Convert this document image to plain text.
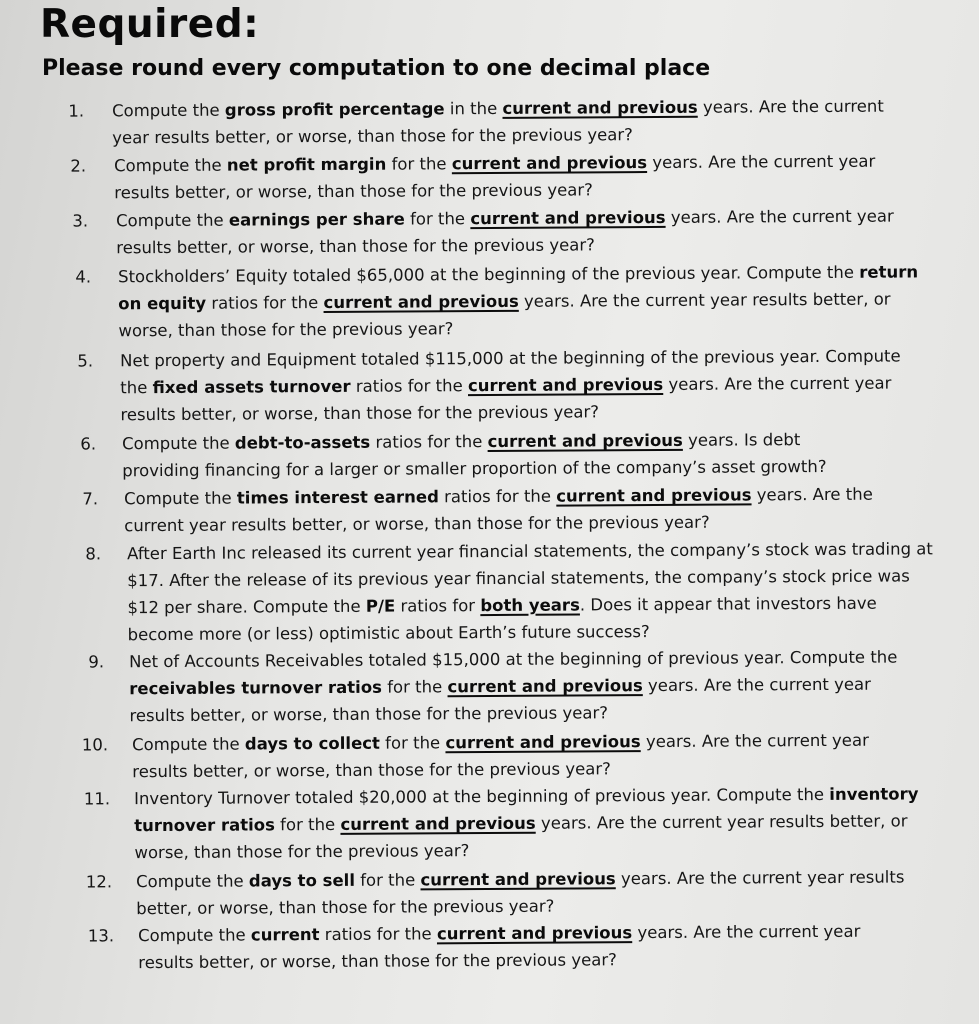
Required:
Please round every computation to one decimal place
1. Compute the gross profit percentage in the current and previous years. Are the current year results better, or worse, than those for the previous year?
2. Compute the net profit margin for the current and previous years. Are the current year results better, or worse, than those for the previous year?
3. Compute the earnings per share for the current and previous years. Are the current year results better, or worse, than those for the previous year?
4. Stockholders’ Equity totaled $65,000 at the beginning of the previous year. Compute the return on equity ratios for the current and previous years. Are the current year results better, or worse, than those for the previous year?
5. Net property and Equipment totaled $115,000 at the beginning of the previous year. Compute the fixed assets turnover ratios for the current and previous years. Are the current year results better, or worse, than those for the previous year?
6. Compute the debt-to-assets ratios for the current and previous years. Is debt providing financing for a larger or smaller proportion of the company’s asset growth?
7. Compute the times interest earned ratios for the current and previous years. Are the current year results better, or worse, than those for the previous year?
8. After Earth Inc released its current year financial statements, the company’s stock was trading at $17. After the release of its previous year financial statements, the company’s stock price was $12 per share. Compute the P/E ratios for both years. Does it appear that investors have become more (or less) optimistic about Earth’s future success?
9. Net of Accounts Receivables totaled $15,000 at the beginning of previous year. Compute the receivables turnover ratios for the current and previous years. Are the current year results better, or worse, than those for the previous year?
10. Compute the days to collect for the current and previous years. Are the current year results better, or worse, than those for the previous year?
11. Inventory Turnover totaled $20,000 at the beginning of previous year. Compute the inventory turnover ratios for the current and previous years. Are the current year results better, or worse, than those for the previous year?
12. Compute the days to sell for the current and previous years. Are the current year results better, or worse, than those for the previous year?
13. Compute the current ratios for the current and previous years. Are the current year results better, or worse, than those for the previous year?
